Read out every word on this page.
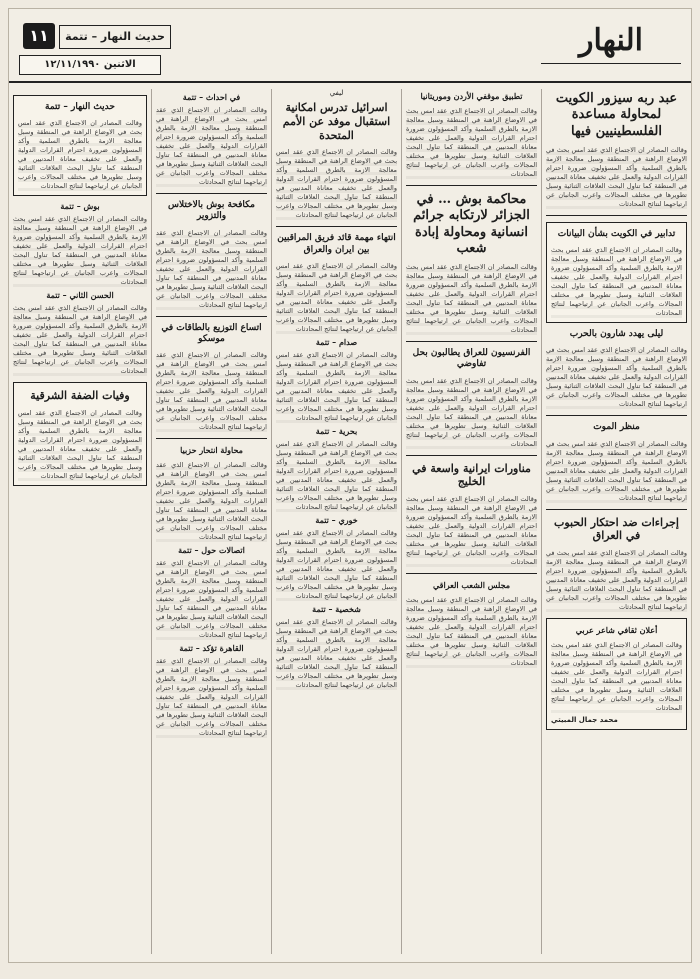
النهار
١١
الاثنين ١٢/١١/١٩٩٠
حديث النهار – تتمة
عبد ربه سيزور الكويت لمحاولة مساعدة الفلسطينيين فيها
وقالت المصادر ان الاجتماع الذي عقد امس بحث في الاوضاع الراهنة في المنطقة وسبل معالجة الازمة بالطرق السلمية وأكد المسؤولون ضرورة احترام القرارات الدولية والعمل على تخفيف معاناة المدنيين في المنطقة كما تناول البحث العلاقات الثنائية وسبل تطويرها في مختلف المجالات واعرب الجانبان عن ارتياحهما لنتائج المحادثات
تدابير في الكويت بشأن البيانات
وقالت المصادر ان الاجتماع الذي عقد امس بحث في الاوضاع الراهنة في المنطقة وسبل معالجة الازمة بالطرق السلمية وأكد المسؤولون ضرورة احترام القرارات الدولية والعمل على تخفيف معاناة المدنيين في المنطقة كما تناول البحث العلاقات الثنائية وسبل تطويرها في مختلف المجالات واعرب الجانبان عن ارتياحهما لنتائج المحادثات
ليلى يهدد شارون بالحرب
وقالت المصادر ان الاجتماع الذي عقد امس بحث في الاوضاع الراهنة في المنطقة وسبل معالجة الازمة بالطرق السلمية وأكد المسؤولون ضرورة احترام القرارات الدولية والعمل على تخفيف معاناة المدنيين في المنطقة كما تناول البحث العلاقات الثنائية وسبل تطويرها في مختلف المجالات واعرب الجانبان عن ارتياحهما لنتائج المحادثات
منظر الموت
وقالت المصادر ان الاجتماع الذي عقد امس بحث في الاوضاع الراهنة في المنطقة وسبل معالجة الازمة بالطرق السلمية وأكد المسؤولون ضرورة احترام القرارات الدولية والعمل على تخفيف معاناة المدنيين في المنطقة كما تناول البحث العلاقات الثنائية وسبل تطويرها في مختلف المجالات واعرب الجانبان عن ارتياحهما لنتائج المحادثات
إجراءات ضد احتكار الحبوب في العراق
وقالت المصادر ان الاجتماع الذي عقد امس بحث في الاوضاع الراهنة في المنطقة وسبل معالجة الازمة بالطرق السلمية وأكد المسؤولون ضرورة احترام القرارات الدولية والعمل على تخفيف معاناة المدنيين في المنطقة كما تناول البحث العلاقات الثنائية وسبل تطويرها في مختلف المجالات واعرب الجانبان عن ارتياحهما لنتائج المحادثات
أعلان ثقافي شاعر عربي
وقالت المصادر ان الاجتماع الذي عقد امس بحث في الاوضاع الراهنة في المنطقة وسبل معالجة الازمة بالطرق السلمية وأكد المسؤولون ضرورة احترام القرارات الدولية والعمل على تخفيف معاناة المدنيين في المنطقة كما تناول البحث العلاقات الثنائية وسبل تطويرها في مختلف المجالات واعرب الجانبان عن ارتياحهما لنتائج المحادثات
محمد جمال المبيتي
تطبيق موقفي الأردن وموريتانيا
وقالت المصادر ان الاجتماع الذي عقد امس بحث في الاوضاع الراهنة في المنطقة وسبل معالجة الازمة بالطرق السلمية وأكد المسؤولون ضرورة احترام القرارات الدولية والعمل على تخفيف معاناة المدنيين في المنطقة كما تناول البحث العلاقات الثنائية وسبل تطويرها في مختلف المجالات واعرب الجانبان عن ارتياحهما لنتائج المحادثات
محاكمة بوش … في الجزائر لارتكابه جرائم انسانية ومحاولة إبادة شعب
وقالت المصادر ان الاجتماع الذي عقد امس بحث في الاوضاع الراهنة في المنطقة وسبل معالجة الازمة بالطرق السلمية وأكد المسؤولون ضرورة احترام القرارات الدولية والعمل على تخفيف معاناة المدنيين في المنطقة كما تناول البحث العلاقات الثنائية وسبل تطويرها في مختلف المجالات واعرب الجانبان عن ارتياحهما لنتائج المحادثات
الفرنسيون للعراق يطالبون بحل تفاوضي
وقالت المصادر ان الاجتماع الذي عقد امس بحث في الاوضاع الراهنة في المنطقة وسبل معالجة الازمة بالطرق السلمية وأكد المسؤولون ضرورة احترام القرارات الدولية والعمل على تخفيف معاناة المدنيين في المنطقة كما تناول البحث العلاقات الثنائية وسبل تطويرها في مختلف المجالات واعرب الجانبان عن ارتياحهما لنتائج المحادثات
مناورات ايرانية واسعة في الخليج
وقالت المصادر ان الاجتماع الذي عقد امس بحث في الاوضاع الراهنة في المنطقة وسبل معالجة الازمة بالطرق السلمية وأكد المسؤولون ضرورة احترام القرارات الدولية والعمل على تخفيف معاناة المدنيين في المنطقة كما تناول البحث العلاقات الثنائية وسبل تطويرها في مختلف المجالات واعرب الجانبان عن ارتياحهما لنتائج المحادثات
مجلس الشعب العراقي
وقالت المصادر ان الاجتماع الذي عقد امس بحث في الاوضاع الراهنة في المنطقة وسبل معالجة الازمة بالطرق السلمية وأكد المسؤولون ضرورة احترام القرارات الدولية والعمل على تخفيف معاناة المدنيين في المنطقة كما تناول البحث العلاقات الثنائية وسبل تطويرها في مختلف المجالات واعرب الجانبان عن ارتياحهما لنتائج المحادثات
ليفي
اسرائيل تدرس امكانية استقبال موفد عن الأمم المتحدة
وقالت المصادر ان الاجتماع الذي عقد امس بحث في الاوضاع الراهنة في المنطقة وسبل معالجة الازمة بالطرق السلمية وأكد المسؤولون ضرورة احترام القرارات الدولية والعمل على تخفيف معاناة المدنيين في المنطقة كما تناول البحث العلاقات الثنائية وسبل تطويرها في مختلف المجالات واعرب الجانبان عن ارتياحهما لنتائج المحادثات
انتهاء مهمة قائد فريق المراقبين بين ايران والعراق
وقالت المصادر ان الاجتماع الذي عقد امس بحث في الاوضاع الراهنة في المنطقة وسبل معالجة الازمة بالطرق السلمية وأكد المسؤولون ضرورة احترام القرارات الدولية والعمل على تخفيف معاناة المدنيين في المنطقة كما تناول البحث العلاقات الثنائية وسبل تطويرها في مختلف المجالات واعرب الجانبان عن ارتياحهما لنتائج المحادثات
صدام – تتمة
وقالت المصادر ان الاجتماع الذي عقد امس بحث في الاوضاع الراهنة في المنطقة وسبل معالجة الازمة بالطرق السلمية وأكد المسؤولون ضرورة احترام القرارات الدولية والعمل على تخفيف معاناة المدنيين في المنطقة كما تناول البحث العلاقات الثنائية وسبل تطويرها في مختلف المجالات واعرب الجانبان عن ارتياحهما لنتائج المحادثات
بحرية – تتمة
وقالت المصادر ان الاجتماع الذي عقد امس بحث في الاوضاع الراهنة في المنطقة وسبل معالجة الازمة بالطرق السلمية وأكد المسؤولون ضرورة احترام القرارات الدولية والعمل على تخفيف معاناة المدنيين في المنطقة كما تناول البحث العلاقات الثنائية وسبل تطويرها في مختلف المجالات واعرب الجانبان عن ارتياحهما لنتائج المحادثات
خوري – تتمة
وقالت المصادر ان الاجتماع الذي عقد امس بحث في الاوضاع الراهنة في المنطقة وسبل معالجة الازمة بالطرق السلمية وأكد المسؤولون ضرورة احترام القرارات الدولية والعمل على تخفيف معاناة المدنيين في المنطقة كما تناول البحث العلاقات الثنائية وسبل تطويرها في مختلف المجالات واعرب الجانبان عن ارتياحهما لنتائج المحادثات
شخصية – تتمة
وقالت المصادر ان الاجتماع الذي عقد امس بحث في الاوضاع الراهنة في المنطقة وسبل معالجة الازمة بالطرق السلمية وأكد المسؤولون ضرورة احترام القرارات الدولية والعمل على تخفيف معاناة المدنيين في المنطقة كما تناول البحث العلاقات الثنائية وسبل تطويرها في مختلف المجالات واعرب الجانبان عن ارتياحهما لنتائج المحادثات
في احداث – تتمة
وقالت المصادر ان الاجتماع الذي عقد امس بحث في الاوضاع الراهنة في المنطقة وسبل معالجة الازمة بالطرق السلمية وأكد المسؤولون ضرورة احترام القرارات الدولية والعمل على تخفيف معاناة المدنيين في المنطقة كما تناول البحث العلاقات الثنائية وسبل تطويرها في مختلف المجالات واعرب الجانبان عن ارتياحهما لنتائج المحادثات
مكافحة بوش بالاختلاس والتزوير
وقالت المصادر ان الاجتماع الذي عقد امس بحث في الاوضاع الراهنة في المنطقة وسبل معالجة الازمة بالطرق السلمية وأكد المسؤولون ضرورة احترام القرارات الدولية والعمل على تخفيف معاناة المدنيين في المنطقة كما تناول البحث العلاقات الثنائية وسبل تطويرها في مختلف المجالات واعرب الجانبان عن ارتياحهما لنتائج المحادثات
اتساع التوزيع بالطاقات في موسكو
وقالت المصادر ان الاجتماع الذي عقد امس بحث في الاوضاع الراهنة في المنطقة وسبل معالجة الازمة بالطرق السلمية وأكد المسؤولون ضرورة احترام القرارات الدولية والعمل على تخفيف معاناة المدنيين في المنطقة كما تناول البحث العلاقات الثنائية وسبل تطويرها في مختلف المجالات واعرب الجانبان عن ارتياحهما لنتائج المحادثات
محاولة انتحار حزبيا
وقالت المصادر ان الاجتماع الذي عقد امس بحث في الاوضاع الراهنة في المنطقة وسبل معالجة الازمة بالطرق السلمية وأكد المسؤولون ضرورة احترام القرارات الدولية والعمل على تخفيف معاناة المدنيين في المنطقة كما تناول البحث العلاقات الثنائية وسبل تطويرها في مختلف المجالات واعرب الجانبان عن ارتياحهما لنتائج المحادثات
اتصالات حول – تتمة
وقالت المصادر ان الاجتماع الذي عقد امس بحث في الاوضاع الراهنة في المنطقة وسبل معالجة الازمة بالطرق السلمية وأكد المسؤولون ضرورة احترام القرارات الدولية والعمل على تخفيف معاناة المدنيين في المنطقة كما تناول البحث العلاقات الثنائية وسبل تطويرها في مختلف المجالات واعرب الجانبان عن ارتياحهما لنتائج المحادثات
القاهرة تؤكد – تتمة
وقالت المصادر ان الاجتماع الذي عقد امس بحث في الاوضاع الراهنة في المنطقة وسبل معالجة الازمة بالطرق السلمية وأكد المسؤولون ضرورة احترام القرارات الدولية والعمل على تخفيف معاناة المدنيين في المنطقة كما تناول البحث العلاقات الثنائية وسبل تطويرها في مختلف المجالات واعرب الجانبان عن ارتياحهما لنتائج المحادثات
حديث النهار – تتمة
وقالت المصادر ان الاجتماع الذي عقد امس بحث في الاوضاع الراهنة في المنطقة وسبل معالجة الازمة بالطرق السلمية وأكد المسؤولون ضرورة احترام القرارات الدولية والعمل على تخفيف معاناة المدنيين في المنطقة كما تناول البحث العلاقات الثنائية وسبل تطويرها في مختلف المجالات واعرب الجانبان عن ارتياحهما لنتائج المحادثات
بوش – تتمة
وقالت المصادر ان الاجتماع الذي عقد امس بحث في الاوضاع الراهنة في المنطقة وسبل معالجة الازمة بالطرق السلمية وأكد المسؤولون ضرورة احترام القرارات الدولية والعمل على تخفيف معاناة المدنيين في المنطقة كما تناول البحث العلاقات الثنائية وسبل تطويرها في مختلف المجالات واعرب الجانبان عن ارتياحهما لنتائج المحادثات
الحسن الثاني – تتمة
وقالت المصادر ان الاجتماع الذي عقد امس بحث في الاوضاع الراهنة في المنطقة وسبل معالجة الازمة بالطرق السلمية وأكد المسؤولون ضرورة احترام القرارات الدولية والعمل على تخفيف معاناة المدنيين في المنطقة كما تناول البحث العلاقات الثنائية وسبل تطويرها في مختلف المجالات واعرب الجانبان عن ارتياحهما لنتائج المحادثات
وفيات الضفة الشرقية
وقالت المصادر ان الاجتماع الذي عقد امس بحث في الاوضاع الراهنة في المنطقة وسبل معالجة الازمة بالطرق السلمية وأكد المسؤولون ضرورة احترام القرارات الدولية والعمل على تخفيف معاناة المدنيين في المنطقة كما تناول البحث العلاقات الثنائية وسبل تطويرها في مختلف المجالات واعرب الجانبان عن ارتياحهما لنتائج المحادثات
